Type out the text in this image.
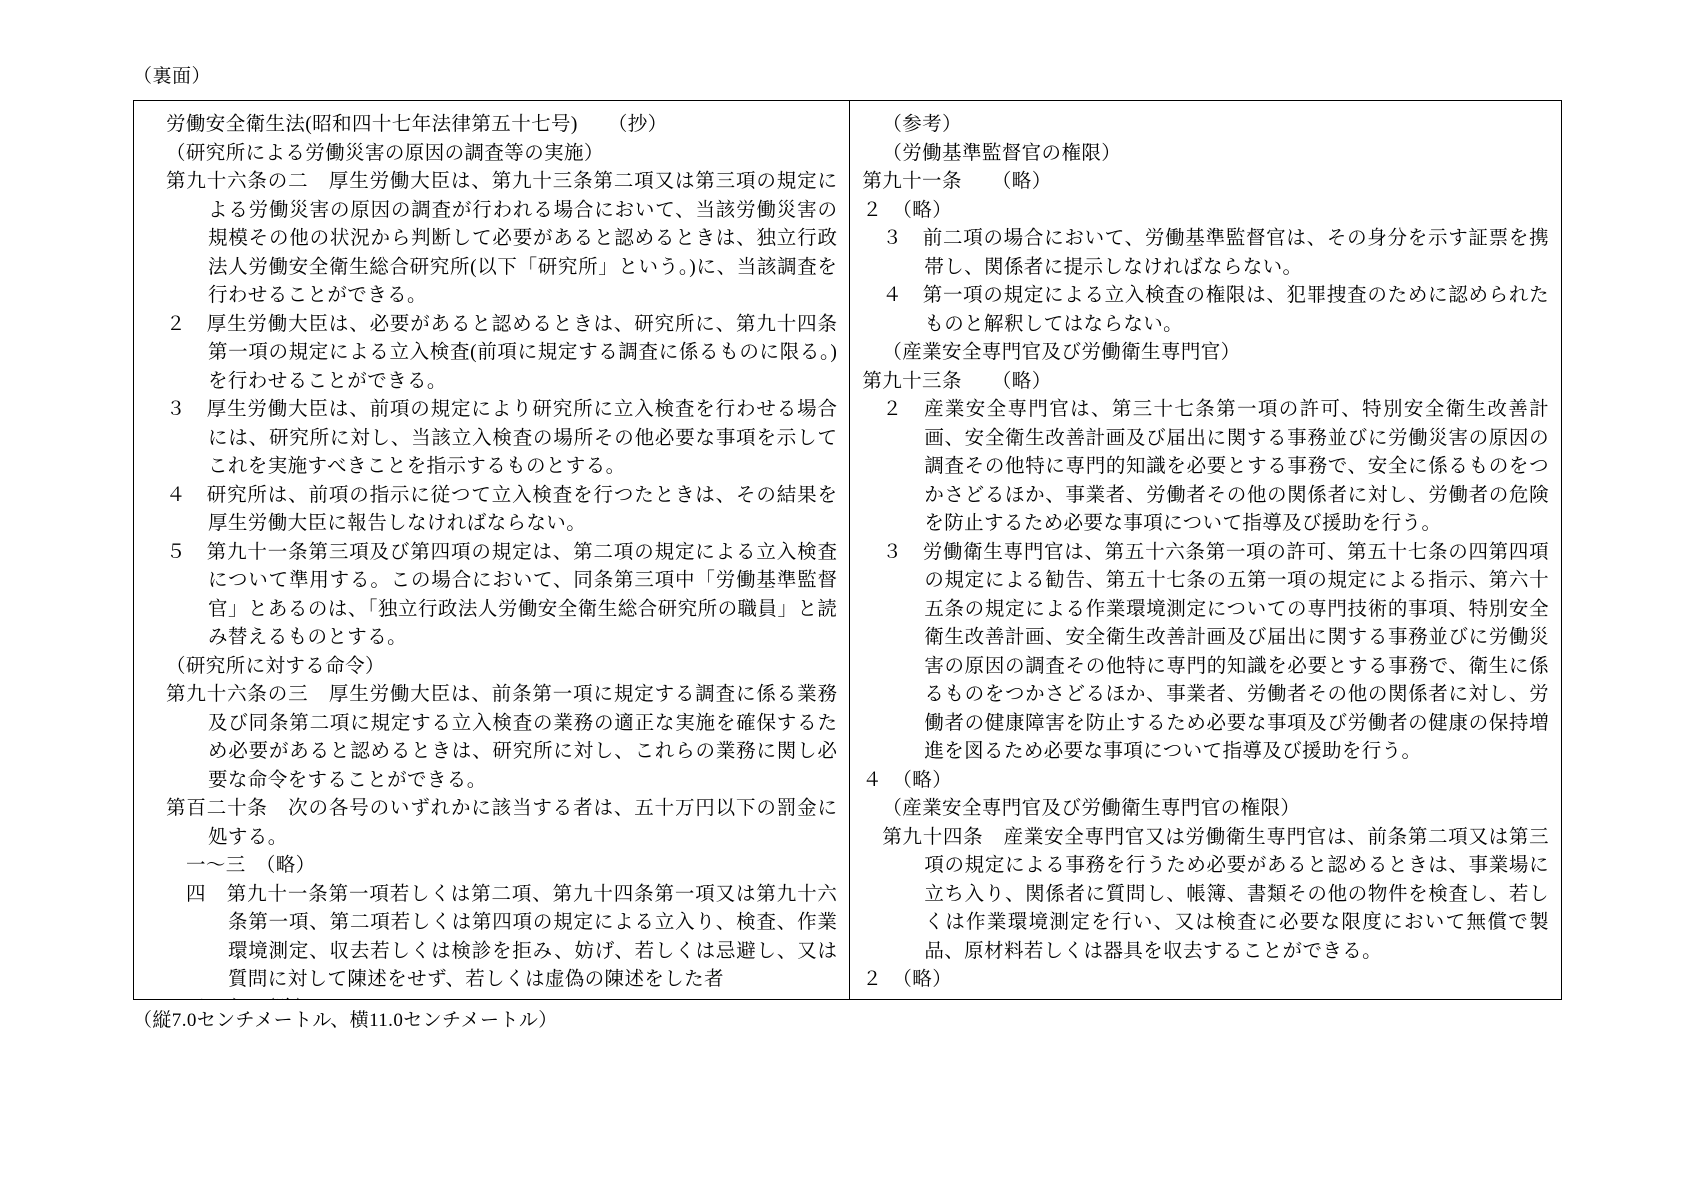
（裏面）
労働安全衛生法(昭和四十七年法律第五十七号)　　（抄）
（研究所による労働災害の原因の調査等の実施）
第九十六条の二　厚生労働大臣は、第九十三条第二項又は第三項の規定による労働災害の原因の調査が行われる場合において、当該労働災害の規模その他の状況から判断して必要があると認めるときは、独立行政法人労働安全衛生総合研究所(以下「研究所」という。)に、当該調査を行わせることができる。
２　厚生労働大臣は、必要があると認めるときは、研究所に、第九十四条第一項の規定による立入検査(前項に規定する調査に係るものに限る。)を行わせることができる。
３　厚生労働大臣は、前項の規定により研究所に立入検査を行わせる場合には、研究所に対し、当該立入検査の場所その他必要な事項を示してこれを実施すべきことを指示するものとする。
４　研究所は、前項の指示に従つて立入検査を行つたときは、その結果を厚生労働大臣に報告しなければならない。
５　第九十一条第三項及び第四項の規定は、第二項の規定による立入検査について準用する。この場合において、同条第三項中「労働基準監督官」とあるのは、「独立行政法人労働安全衛生総合研究所の職員」と読み替えるものとする。
（研究所に対する命令）
第九十六条の三　厚生労働大臣は、前条第一項に規定する調査に係る業務及び同条第二項に規定する立入検査の業務の適正な実施を確保するため必要があると認めるときは、研究所に対し、これらの業務に関し必要な命令をすることができる。
第百二十条　次の各号のいずれかに該当する者は、五十万円以下の罰金に処する。
一〜三　（略）
四　第九十一条第一項若しくは第二項、第九十四条第一項又は第九十六条第一項、第二項若しくは第四項の規定による立入り、検査、作業環境測定、収去若しくは検診を拒み、妨げ、若しくは忌避し、又は質問に対して陳述をせず、若しくは虚偽の陳述をした者
（参考）
（労働基準監督官の権限）
第九十一条　　（略）
２　（略）
３　前二項の場合において、労働基準監督官は、その身分を示す証票を携帯し、関係者に提示しなければならない。
４　第一項の規定による立入検査の権限は、犯罪捜査のために認められたものと解釈してはならない。
（産業安全専門官及び労働衛生専門官）
第九十三条　　（略）
２　産業安全専門官は、第三十七条第一項の許可、特別安全衛生改善計画、安全衛生改善計画及び届出に関する事務並びに労働災害の原因の調査その他特に専門的知識を必要とする事務で、安全に係るものをつかさどるほか、事業者、労働者その他の関係者に対し、労働者の危険を防止するため必要な事項について指導及び援助を行う。
３　労働衛生専門官は、第五十六条第一項の許可、第五十七条の四第四項の規定による勧告、第五十七条の五第一項の規定による指示、第六十五条の規定による作業環境測定についての専門技術的事項、特別安全衛生改善計画、安全衛生改善計画及び届出に関する事務並びに労働災害の原因の調査その他特に専門的知識を必要とする事務で、衛生に係るものをつかさどるほか、事業者、労働者その他の関係者に対し、労働者の健康障害を防止するため必要な事項及び労働者の健康の保持増進を図るため必要な事項について指導及び援助を行う。
４　（略）
（産業安全専門官及び労働衛生専門官の権限）
第九十四条　産業安全専門官又は労働衛生専門官は、前条第二項又は第三項の規定による事務を行うため必要があると認めるときは、事業場に立ち入り、関係者に質問し、帳簿、書類その他の物件を検査し、若しくは作業環境測定を行い、又は検査に必要な限度において無償で製品、原材料若しくは器具を収去することができる。
２　（略）
（縦7.0センチメートル、横11.0センチメートル）
